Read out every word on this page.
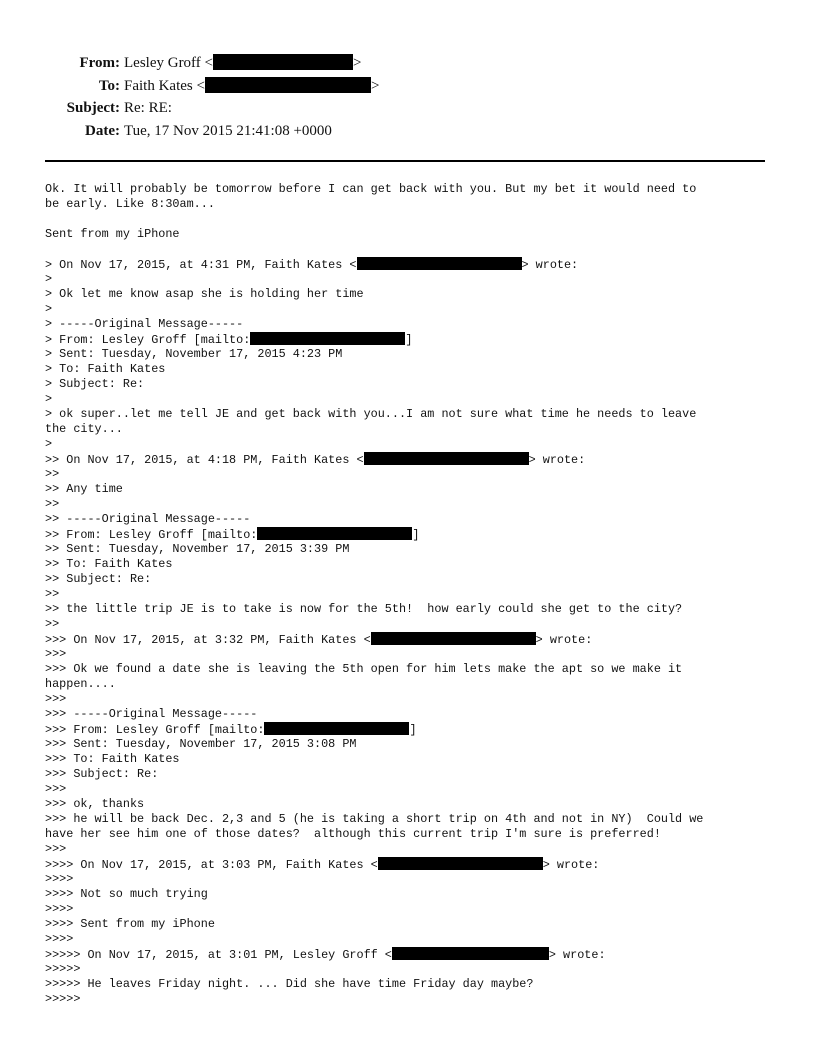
From: Lesley Groff <	>
To: Faith Kates <	>
Subject: Re: RE:
Date: Tue, 17 Nov 2015 21:41:08 +0000
Ok. It will probably be tomorrow before I can get back with you. But my bet it would need to
be early. Like 8:30am...
Sent from my iPhone
> On Nov 17, 2015, at 4:31 PM, Faith Kates <	> wrote:
>
> Ok let me know asap she is holding her time
>
> -----Original Message-----
> From: Lesley Groff [mailto:	]
> Sent: Tuesday, November 17, 2015 4:23 PM
> To: Faith Kates
> Subject: Re:
>
> ok super..let me tell JE and get back with you...I am not sure what time he needs to leave
the city...
>
>> On Nov 17, 2015, at 4:18 PM, Faith Kates <	> wrote:
>>
>> Any time
>>
>> -----Original Message-----
>> From: Lesley Groff [mailto:	]
>> Sent: Tuesday, November 17, 2015 3:39 PM
>> To: Faith Kates
>> Subject: Re:
>>
>> the little trip JE is to take is now for the 5th!  how early could she get to the city?
>>
>>> On Nov 17, 2015, at 3:32 PM, Faith Kates <	> wrote:
>>>
>>> Ok we found a date she is leaving the 5th open for him lets make the apt so we make it
happen....
>>>
>>> -----Original Message-----
>>> From: Lesley Groff [mailto:	]
>>> Sent: Tuesday, November 17, 2015 3:08 PM
>>> To: Faith Kates
>>> Subject: Re:
>>>
>>> ok, thanks
>>> he will be back Dec. 2,3 and 5 (he is taking a short trip on 4th and not in NY)  Could we
have her see him one of those dates?  although this current trip I'm sure is preferred!
>>>
>>>> On Nov 17, 2015, at 3:03 PM, Faith Kates <	> wrote:
>>>>
>>>> Not so much trying
>>>>
>>>> Sent from my iPhone
>>>>
>>>>> On Nov 17, 2015, at 3:01 PM, Lesley Groff <	> wrote:
>>>>>
>>>>> He leaves Friday night. ... Did she have time Friday day maybe?
>>>>>
